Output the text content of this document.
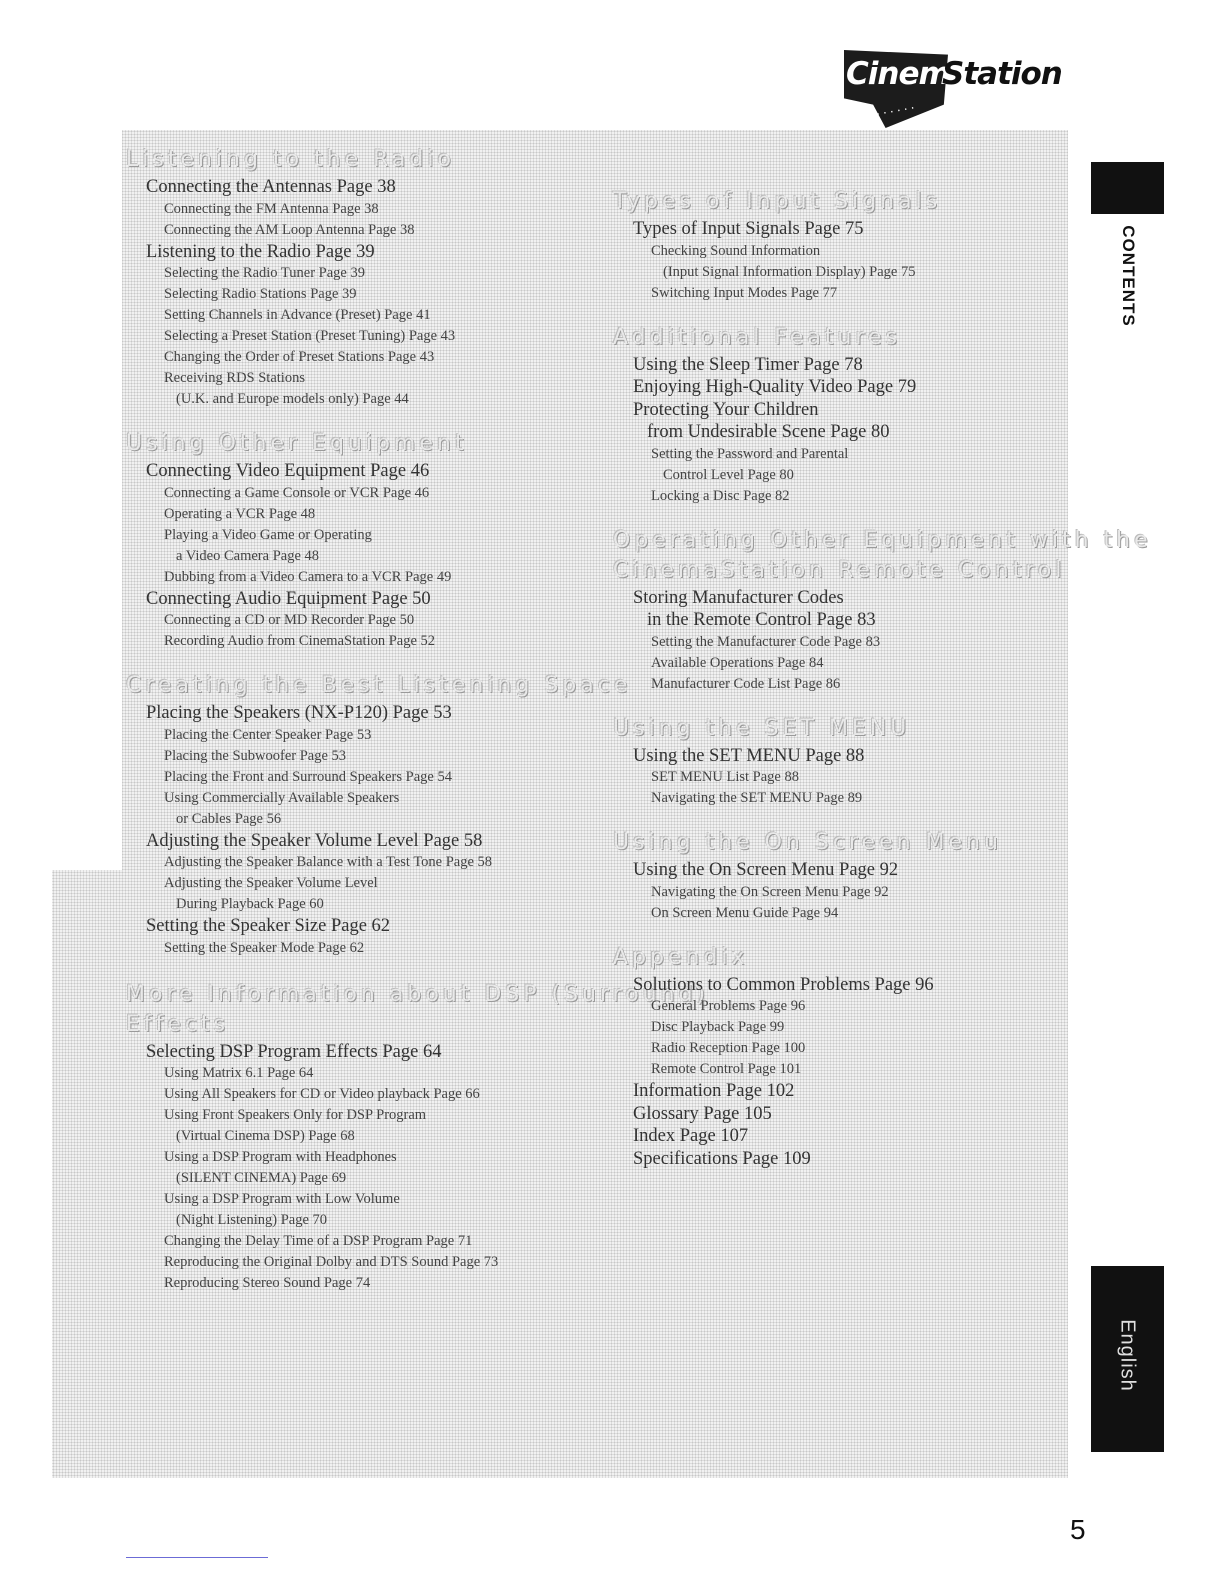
Cinema
Station
·······
Listening to the Radio
Connecting the Antennas Page 38
Connecting the FM Antenna Page 38
Connecting the AM Loop Antenna Page 38
Listening to the Radio Page 39
Selecting the Radio Tuner Page 39
Selecting Radio Stations Page 39
Setting Channels in Advance (Preset) Page 41
Selecting a Preset Station (Preset Tuning) Page 43
Changing the Order of Preset Stations Page 43
Receiving RDS Stations
(U.K. and Europe models only) Page 44
Using Other Equipment
Connecting Video Equipment Page 46
Connecting a Game Console or VCR Page 46
Operating a VCR Page 48
Playing a Video Game or Operating
a Video Camera Page 48
Dubbing from a Video Camera to a VCR Page 49
Connecting Audio Equipment Page 50
Connecting a CD or MD Recorder Page 50
Recording Audio from CinemaStation Page 52
Creating the Best Listening Space
Placing the Speakers (NX-P120) Page 53
Placing the Center Speaker Page 53
Placing the Subwoofer Page 53
Placing the Front and Surround Speakers Page 54
Using Commercially Available Speakers
or Cables Page 56
Adjusting the Speaker Volume Level Page 58
Adjusting the Speaker Balance with a Test Tone Page 58
Adjusting the Speaker Volume Level
During Playback Page 60
Setting the Speaker Size Page 62
Setting the Speaker Mode Page 62
More Information about DSP (Surround)
Effects
Selecting DSP Program Effects Page 64
Using Matrix 6.1 Page 64
Using All Speakers for CD or Video playback Page 66
Using Front Speakers Only for DSP Program
(Virtual Cinema DSP) Page 68
Using a DSP Program with Headphones
(SILENT CINEMA) Page 69
Using a DSP Program with Low Volume
(Night Listening) Page 70
Changing the Delay Time of a DSP Program Page 71
Reproducing the Original Dolby and DTS Sound Page 73
Reproducing Stereo Sound Page 74
Types of Input Signals
Types of Input Signals Page 75
Checking Sound Information
(Input Signal Information Display) Page 75
Switching Input Modes Page 77
Additional Features
Using the Sleep Timer Page 78
Enjoying High-Quality Video Page 79
Protecting Your Children
from Undesirable Scene Page 80
Setting the Password and Parental
Control Level Page 80
Locking a Disc Page 82
Operating Other Equipment with the
CinemaStation Remote Control
Storing Manufacturer Codes
in the Remote Control Page 83
Setting the Manufacturer Code Page 83
Available Operations Page 84
Manufacturer Code List Page 86
Using the SET MENU
Using the SET MENU Page 88
SET MENU List Page 88
Navigating the SET MENU Page 89
Using the On Screen Menu
Using the On Screen Menu Page 92
Navigating the On Screen Menu Page 92
On Screen Menu Guide Page 94
Appendix
Solutions to Common Problems Page 96
General Problems Page 96
Disc Playback Page 99
Radio Reception Page 100
Remote Control Page 101
Information Page 102
Glossary Page 105
Index Page 107
Specifications Page 109
CONTENTS
English
5
